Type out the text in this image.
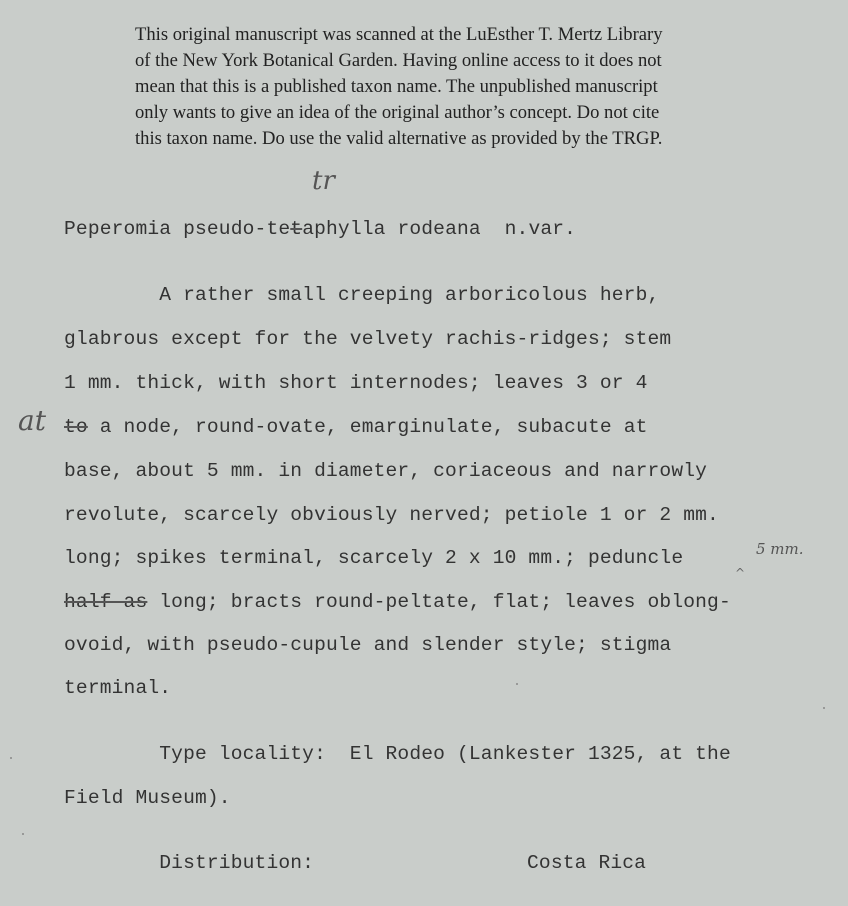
This original manuscript was scanned at the LuEsther T. Mertz Library
of the New York Botanical Garden. Having online access to it does not
mean that this is a published taxon name. The unpublished manuscript
only wants to give an idea of the original author’s concept. Do not cite
this taxon name. Do use the valid alternative as provided by the TRGP.
tr
Peperomia pseudo-tetaphylla rodeana  n.var.
A rather small creeping arboricolous herb,
glabrous except for the velvety rachis-ridges; stem
1 mm. thick, with short internodes; leaves 3 or 4
at to a node, round-ovate, emarginulate, subacute at
base, about 5 mm. in diameter, coriaceous and narrowly
revolute, scarcely obviously nerved; petiole 1 or 2 mm.
long; spikes terminal, scarcely 2 x 10 mm.; peduncle
^
5 mm.
half as long; bracts round-peltate, flat; leaves oblong-
ovoid, with pseudo-cupule and slender style; stigma
terminal.
Type locality:  El Rodeo (Lankester 1325, at the
Field Museum).
Distribution:	Costa Rica
